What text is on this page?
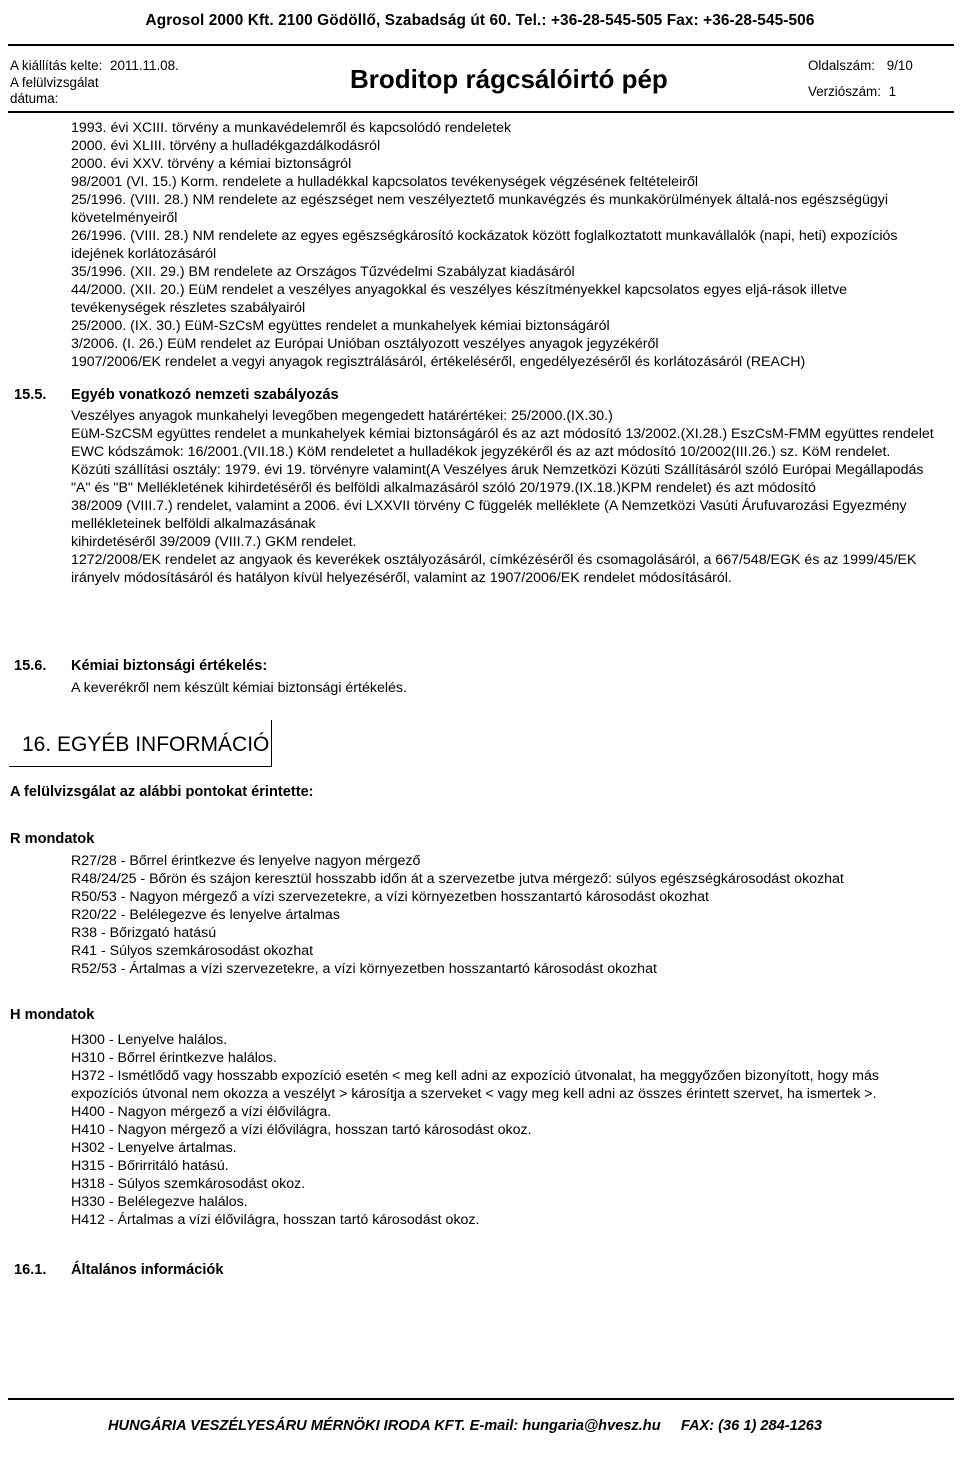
Agrosol 2000 Kft. 2100 Gödöllő, Szabadság út 60. Tel.: +36-28-545-505 Fax: +36-28-545-506
A kiállítás kelte: 2011.11.08.
A felülvizsgálat
dátuma:
Broditop rágcsálóirtó pép	Oldalszám: 9/10
Verziószám: 1

1993. évi XCIII. törvény a munkavédelemről és kapcsolódó rendeletek

2000. évi XLIII. törvény a hulladékgazdálkodásról

2000. évi XXV. törvény a kémiai biztonságról

98/2001 (VI. 15.) Korm. rendelete a hulladékkal kapcsolatos tevékenységek végzésének feltételeiről

25/1996. (VIII. 28.) NM rendelete az egészséget nem veszélyeztető munkavégzés és munkakörülmények általá-nos egészségügyi követelményeiről

26/1996. (VIII. 28.) NM rendelete az egyes egészségkárosító kockázatok között foglalkoztatott munkavállalók (napi, heti) expozíciós idejének korlátozásáról

35/1996. (XII. 29.) BM rendelete az Országos Tűzvédelmi Szabályzat kiadásáról

44/2000. (XII. 20.) EüM rendelet a veszélyes anyagokkal és veszélyes készítményekkel kapcsolatos egyes eljá-rások illetve tevékenységek részletes szabályairól

25/2000. (IX. 30.) EüM-SzCsM együttes rendelet a munkahelyek kémiai biztonságáról

3/2006. (I. 26.) EüM rendelet az Európai Unióban osztályozott veszélyes anyagok jegyzékéről

1907/2006/EK rendelet a vegyi anyagok regisztrálásáról, értékeléséről, engedélyezéséről és korlátozásáról (REACH)

15.5. Egyéb vonatkozó nemzeti szabályozás

Veszélyes anyagok munkahelyi levegőben megengedett határértékei: 25/2000.(IX.30.)

EüM-SzCSM együttes rendelet a munkahelyek kémiai biztonságáról és az azt módosító 13/2002.(XI.28.) EszCsM-FMM együttes rendelet

EWC kódszámok: 16/2001.(VII.18.) KöM rendeletet a hulladékok jegyzékéről és az azt módosító 10/2002(III.26.) sz. KöM rendelet.

Közúti szállítási osztály: 1979. évi 19. törvényre valamint(A Veszélyes áruk Nemzetközi Közúti Szállításáról szóló Európai Megállapodás "A" és "B" Mellékletének kihirdetéséről és belföldi alkalmazásáról szóló 20/1979.(IX.18.)KPM rendelet) és azt módosító

38/2009 (VIII.7.) rendelet, valamint a 2006. évi LXXVII törvény C függelék melléklete (A Nemzetközi Vasúti Árufuvarozási Egyezmény mellékleteinek belföldi alkalmazásának

kihirdetéséről 39/2009 (VIII.7.) GKM rendelet.

1272/2008/EK rendelet az angyaok és keverékek osztályozásáról, címkézéséről és csomagolásáról, a 667/548/EGK és az 1999/45/EK irányelv módosításáról és hatályon kívül helyezéséről, valamint az 1907/2006/EK rendelet módosításáról.

15.6. Kémiai biztonsági értékelés:
A keverékről nem készült kémiai biztonsági értékelés.
16. EGYÉB INFORMÁCIÓ
A felülvizsgálat az alábbi pontokat érintette:
R mondatok

R27/28 - Bőrrel érintkezve és lenyelve nagyon mérgező

R48/24/25 - Bőrön és szájon keresztül hosszabb időn át a szervezetbe jutva mérgező: súlyos egészségkárosodást okozhat

R50/53 - Nagyon mérgező a vízi szervezetekre, a vízi környezetben hosszantartó károsodást okozhat

R20/22 - Belélegezve és lenyelve ártalmas

R38 - Bőrizgató hatású

R41 - Súlyos szemkárosodást okozhat

R52/53 - Ártalmas a vízi szervezetekre, a vízi környezetben hosszantartó károsodást okozhat

H mondatok

H300 - Lenyelve halálos.

H310 - Bőrrel érintkezve halálos.

H372 - Ismétlődő vagy hosszabb expozíció esetén < meg kell adni az expozíció útvonalat, ha meggyőzően bizonyított, hogy más expozíciós útvonal nem okozza a veszélyt > károsítja a szerveket < vagy meg kell adni az összes érintett szervet, ha ismertek >.

H400 - Nagyon mérgező a vízi élővilágra.

H410 - Nagyon mérgező a vízi élővilágra, hosszan tartó károsodást okoz.

H302 - Lenyelve ártalmas.

H315 - Bőrirritáló hatású.

H318 - Súlyos szemkárosodást okoz.

H330 - Belélegezve halálos.

H412 - Ártalmas a vízi élővilágra, hosszan tartó károsodást okoz.

16.1. Általános információk
HUNGÁRIA VESZÉLYESÁRU MÉRNÖKI IRODA KFT. E-mail: hungaria@hvesz.hu     FAX: (36 1) 284-1263
